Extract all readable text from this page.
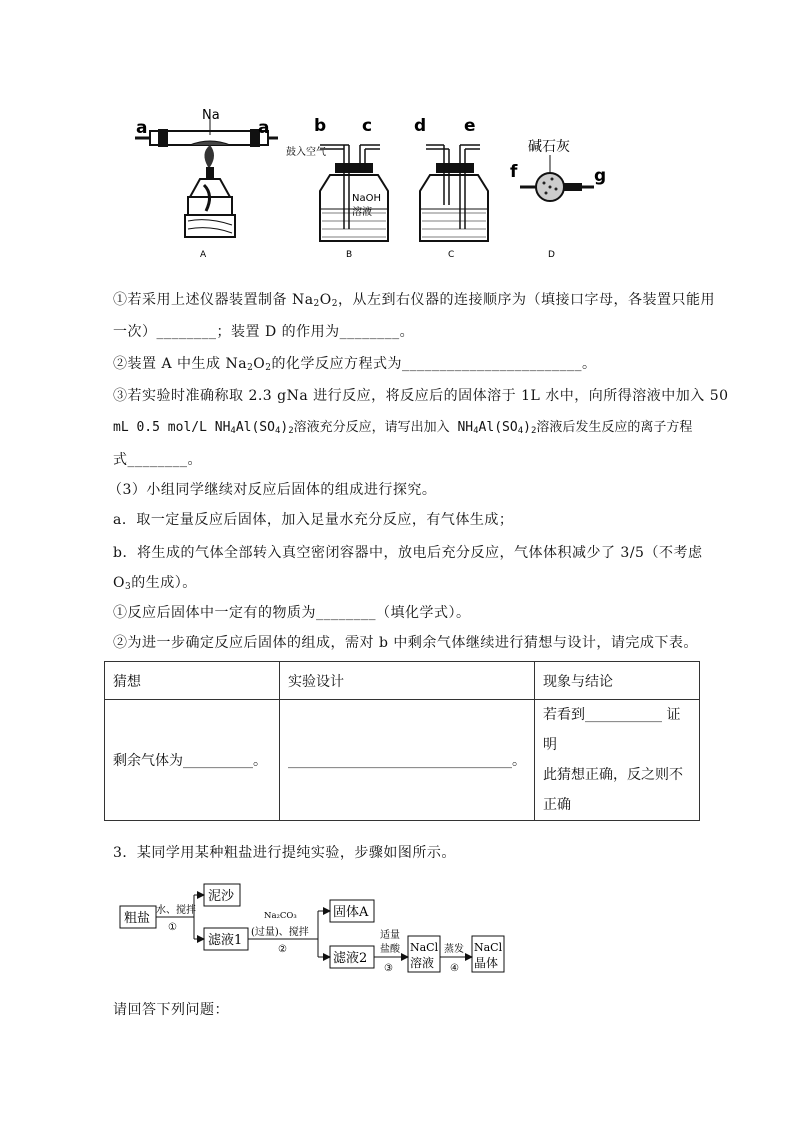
a	a
Na
A
b c
鼓入空气
NaOH
溶液
B
d e
C
碱石灰
f	g
D
①若采用上述仪器装置制备 $Na_2O_2$，从左到右仪器的连接顺序为（填接口字母，各装置只能用
一次）________；装置 D 的作用为________。
②装置 A 中生成 $Na_2O_2$的化学反应方程式为________________________。
③若实验时准确称取 2.3 gNa 进行反应，将反应后的固体溶于 1L 水中，向所得溶液中加入 50
mL 0.5 mol/L $NH_4Al(SO_4)_2$溶液充分反应，请写出加入 $NH_4Al(SO_4)_2$溶液后发生反应的离子方程
式________。
（3）小组同学继续对反应后固体的组成进行探究。
a．取一定量反应后固体，加入足量水充分反应，有气体生成；
b．将生成的气体全部转入真空密闭容器中，放电后充分反应，气体体积减少了 3/5（不考虑
$O_3$的生成）。
①反应后固体中一定有的物质为________（填化学式）。
②为进一步确定反应后固体的组成，需对 b 中剩余气体继续进行猜想与设计，请完成下表。
猜想	实验设计	现象与结论
剩余气体为__________。	________________________________。	若看到___________ 证明
此猜想正确，反之则不正确
3．某同学用某种粗盐进行提纯实验，步骤如图所示。
粗盐
泥沙
滤液1
固体A
滤液2
NaCl
溶液
NaCl
晶体
水、搅拌
①
Na₂CO₃
(过量)、搅拌
②
适量
盐酸
③
蒸发
④
请回答下列问题：
